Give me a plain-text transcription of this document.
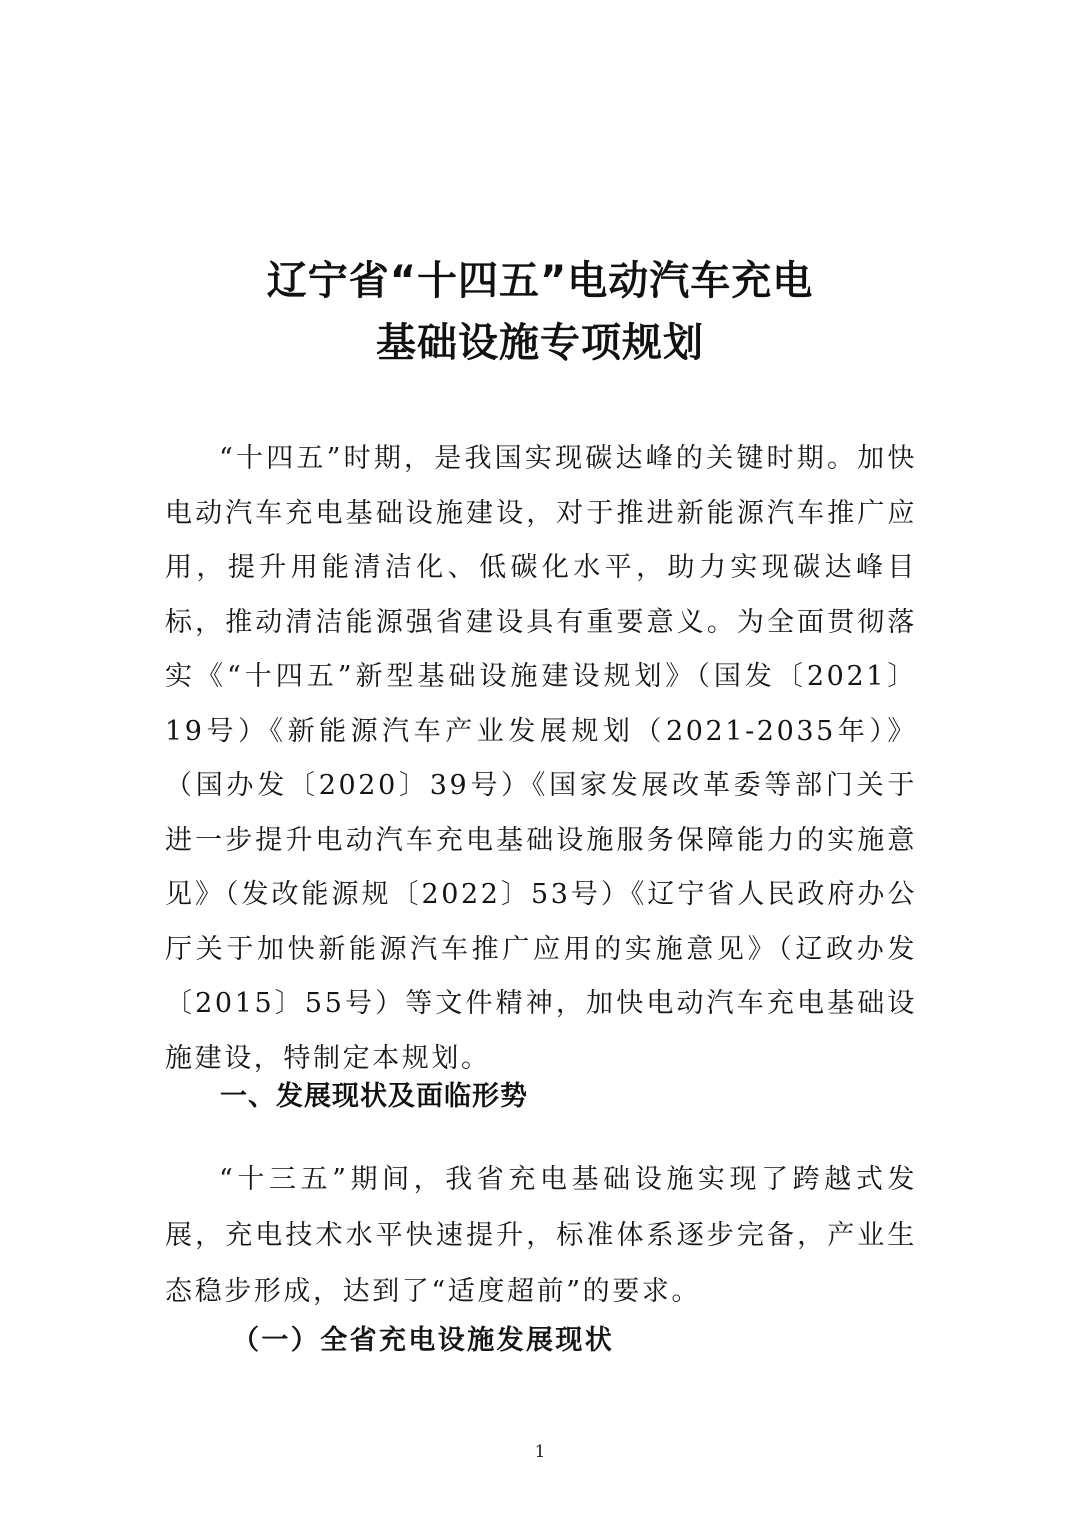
辽宁省“十四五”电动汽车充电
基础设施专项规划

“十四五”时期，是我国实现碳达峰的关键时期。加快电动汽车充电基础设施建设，对于推进新能源汽车推广应用，提升用能清洁化、低碳化水平，助力实现碳达峰目标，推动清洁能源强省建设具有重要意义。为全面贯彻落实《“十四五”新型基础设施建设规划》（国发〔2021〕19号）《新能源汽车产业发展规划（2021-2035年）》（国办发〔2020〕39号）《国家发展改革委等部门关于进一步提升电动汽车充电基础设施服务保障能力的实施意见》（发改能源规〔2022〕53号）《辽宁省人民政府办公厅关于加快新能源汽车推广应用的实施意见》（辽政办发〔2015〕55号）等文件精神，加快电动汽车充电基础设施建设，特制定本规划。

一、发展现状及面临形势

“十三五”期间，我省充电基础设施实现了跨越式发展，充电技术水平快速提升，标准体系逐步完备，产业生态稳步形成，达到了“适度超前”的要求。

（一）全省充电设施发展现状
1
